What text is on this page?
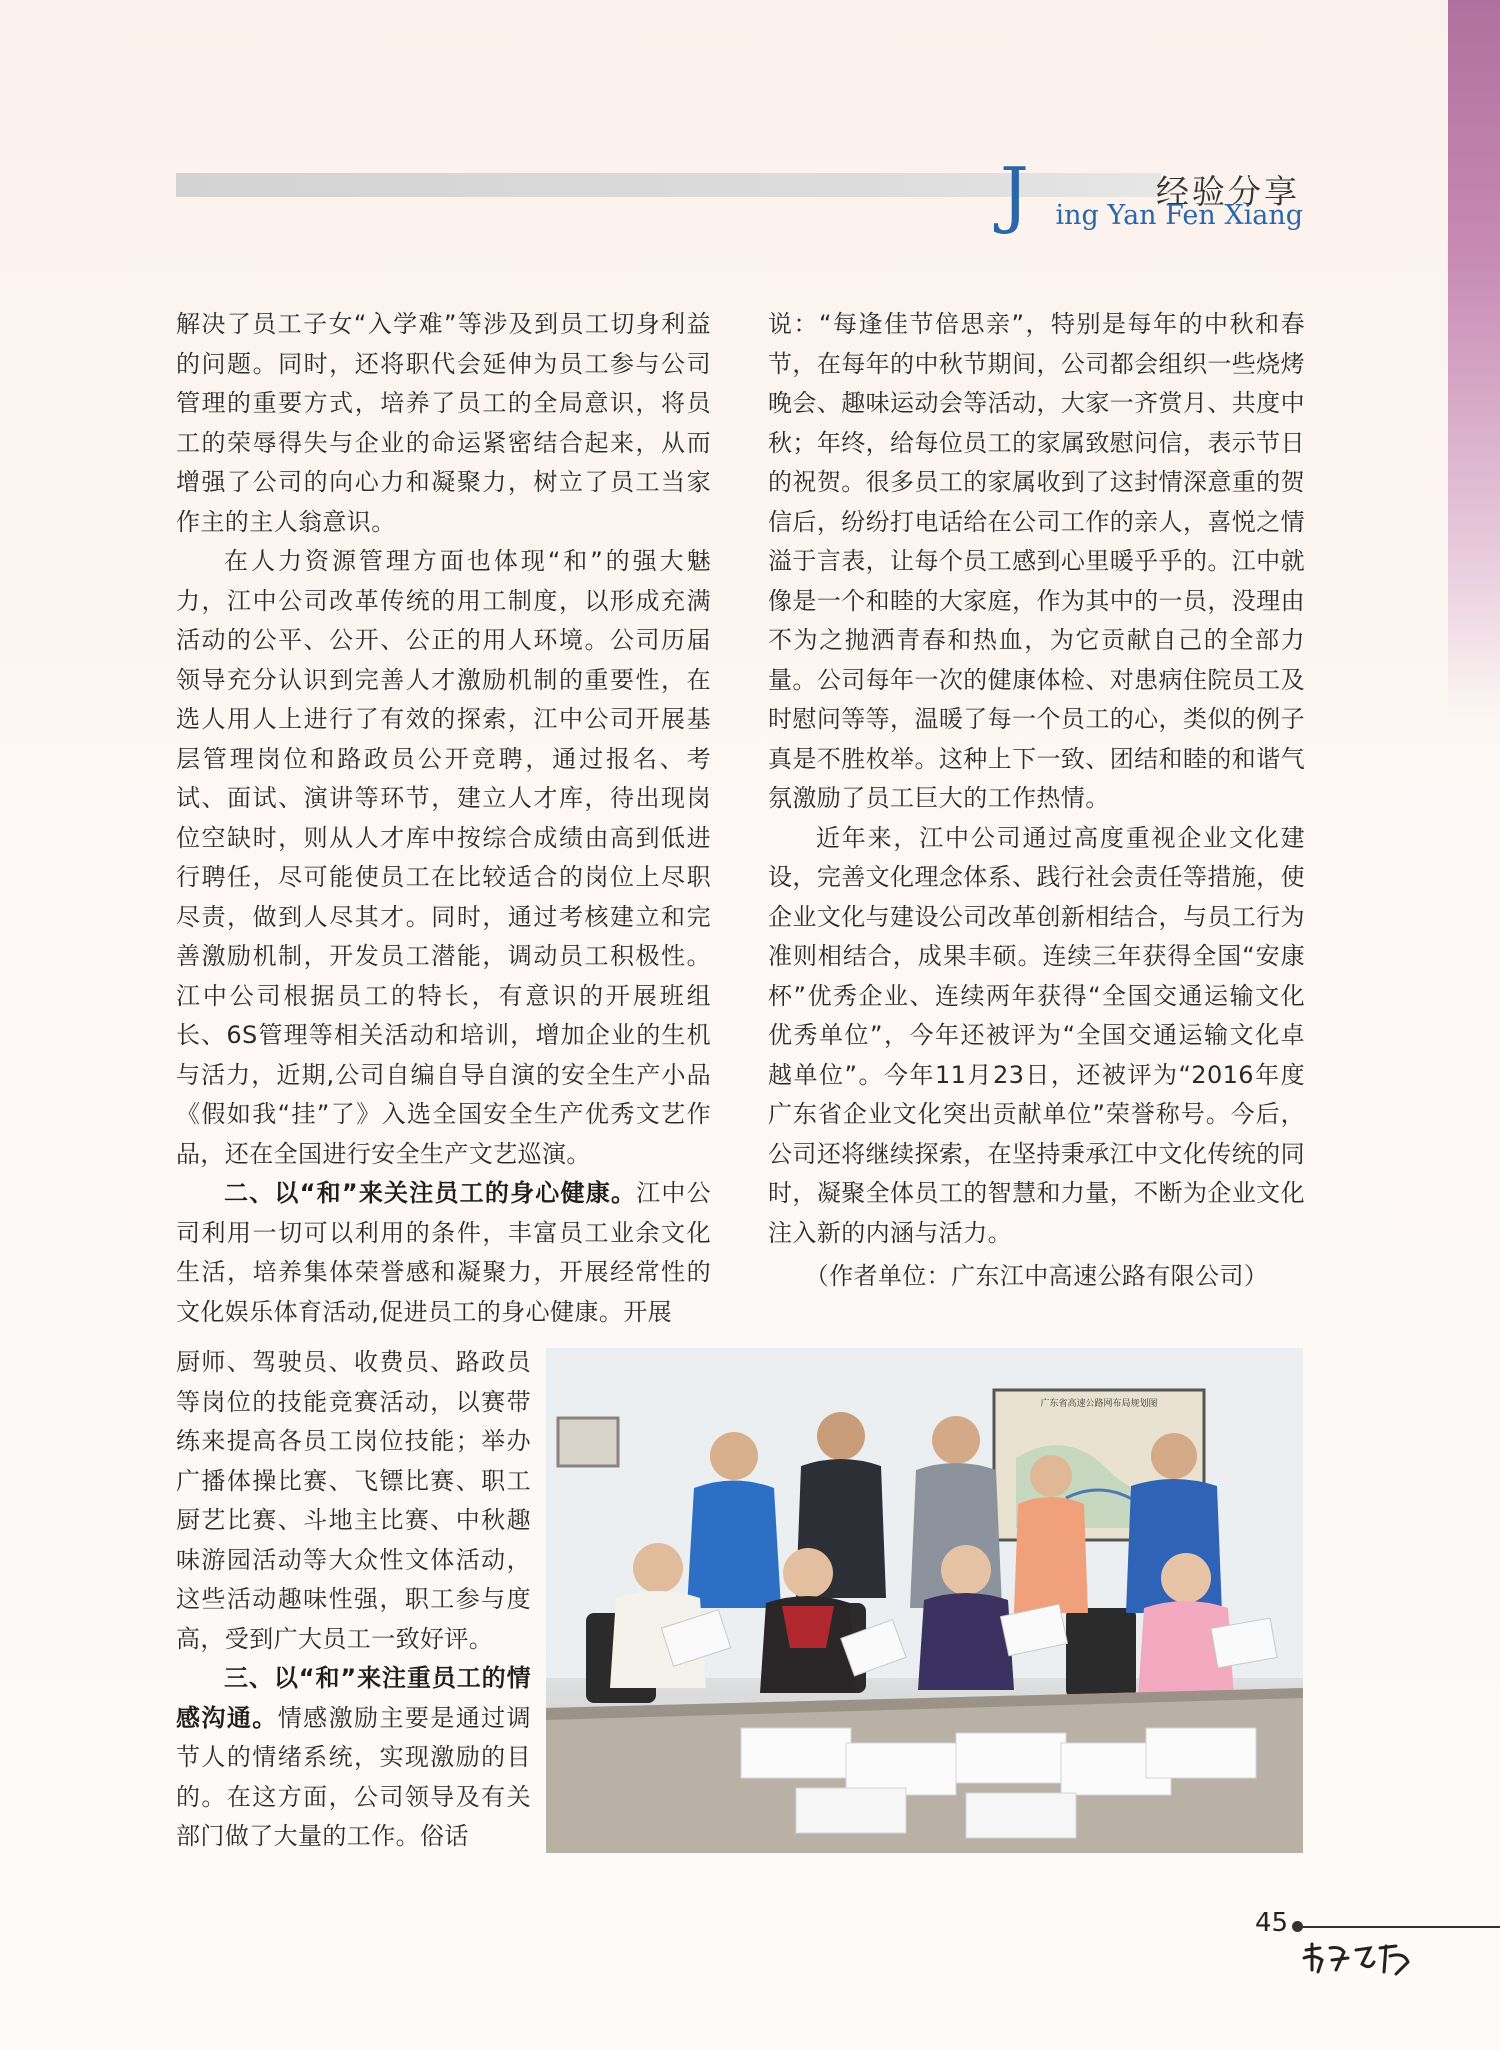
经验分享
J ing Yan Fen Xiang

解决了员工子女“入学难”等涉及到员工切身利益的问题。同时，还将职代会延伸为员工参与公司管理的重要方式，培养了员工的全局意识，将员工的荣辱得失与企业的命运紧密结合起来，从而增强了公司的向心力和凝聚力，树立了员工当家作主的主人翁意识。

在人力资源管理方面也体现“和”的强大魅力，江中公司改革传统的用工制度，以形成充满活动的公平、公开、公正的用人环境。公司历届领导充分认识到完善人才激励机制的重要性，在选人用人上进行了有效的探索，江中公司开展基层管理岗位和路政员公开竞聘，通过报名、考试、面试、演讲等环节，建立人才库，待出现岗位空缺时，则从人才库中按综合成绩由高到低进行聘任，尽可能使员工在比较适合的岗位上尽职尽责，做到人尽其才。同时，通过考核建立和完善激励机制，开发员工潜能，调动员工积极性。江中公司根据员工的特长，有意识的开展班组长、6S管理等相关活动和培训，增加企业的生机与活力，近期,公司自编自导自演的安全生产小品《假如我“挂”了》入选全国安全生产优秀文艺作品，还在全国进行安全生产文艺巡演。

二、以“和”来关注员工的身心健康。江中公司利用一切可以利用的条件，丰富员工业余文化生活，培养集体荣誉感和凝聚力，开展经常性的文化娱乐体育活动,促进员工的身心健康。开展

厨师、驾驶员、收费员、路政员等岗位的技能竞赛活动，以赛带练来提高各员工岗位技能；举办广播体操比赛、飞镖比赛、职工厨艺比赛、斗地主比赛、中秋趣味游园活动等大众性文体活动，这些活动趣味性强，职工参与度高，受到广大员工一致好评。

三、以“和”来注重员工的情感沟通。情感激励主要是通过调节人的情绪系统，实现激励的目的。在这方面，公司领导及有关部门做了大量的工作。俗话

说：“每逢佳节倍思亲”，特别是每年的中秋和春节，在每年的中秋节期间，公司都会组织一些烧烤晚会、趣味运动会等活动，大家一齐赏月、共度中秋；年终，给每位员工的家属致慰问信，表示节日的祝贺。很多员工的家属收到了这封情深意重的贺信后，纷纷打电话给在公司工作的亲人，喜悦之情溢于言表，让每个员工感到心里暖乎乎的。江中就像是一个和睦的大家庭，作为其中的一员，没理由不为之抛洒青春和热血，为它贡献自己的全部力量。公司每年一次的健康体检、对患病住院员工及时慰问等等，温暖了每一个员工的心，类似的例子真是不胜枚举。这种上下一致、团结和睦的和谐气氛激励了员工巨大的工作热情。

近年来，江中公司通过高度重视企业文化建设，完善文化理念体系、践行社会责任等措施，使企业文化与建设公司改革创新相结合，与员工行为准则相结合，成果丰硕。连续三年获得全国“安康杯”优秀企业、连续两年获得“全国交通运输文化优秀单位”，今年还被评为“全国交通运输文化卓越单位”。今年11月23日，还被评为“2016年度广东省企业文化突出贡献单位”荣誉称号。今后，公司还将继续探索，在坚持秉承江中文化传统的同时，凝聚全体员工的智慧和力量，不断为企业文化注入新的内涵与活力。

（作者单位：广东江中高速公路有限公司）

广东省高速公路网布局规划图
45
